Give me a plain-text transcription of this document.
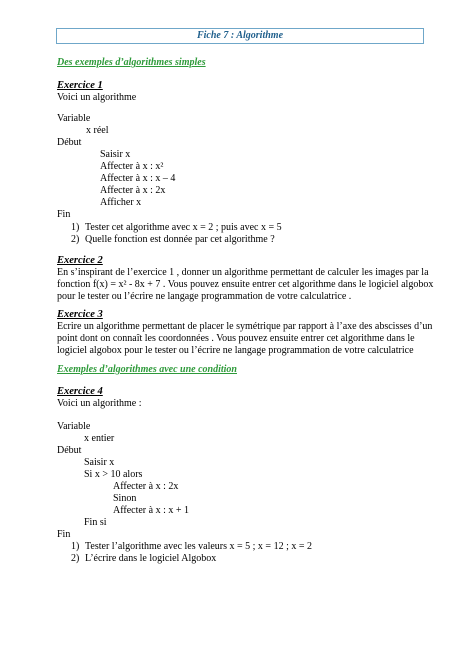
Fiche 7 : Algorithme
Des exemples d’algorithmes simples
Exercice 1
Voici un algorithme
Variable
x réel
Début
Saisir x
Affecter à x : x²
Affecter à x : x – 4
Affecter à x : 2x
Afficher x
Fin
1) Tester cet algorithme avec x = 2 ; puis avec x = 5
2) Quelle fonction est donnée par cet algorithme ?
Exercice 2
En s’inspirant de l’exercice 1 , donner un algorithme permettant de calculer les images par la
fonction f(x) = x² - 8x + 7 . Vous pouvez ensuite entrer cet algorithme dans le logiciel algobox
pour le tester ou l’écrire ne langage programmation de votre calculatrice .
Exercice 3
Ecrire un algorithme permettant de placer le symétrique par rapport à l’axe des abscisses d’un
point dont on connaît les coordonnées . Vous pouvez ensuite entrer cet algorithme dans le
logiciel algobox pour le tester ou l’écrire ne langage programmation de votre calculatrice
Exemples d’algorithmes avec une condition
Exercice 4
Voici un algorithme :
Variable
x entier
Début
Saisir x
Si x > 10 alors
Affecter à x : 2x
Sinon
Affecter à x : x + 1
Fin si
Fin
1) Tester l’algorithme avec les valeurs x = 5 ; x = 12 ; x = 2
2) L’écrire dans le logiciel Algobox
